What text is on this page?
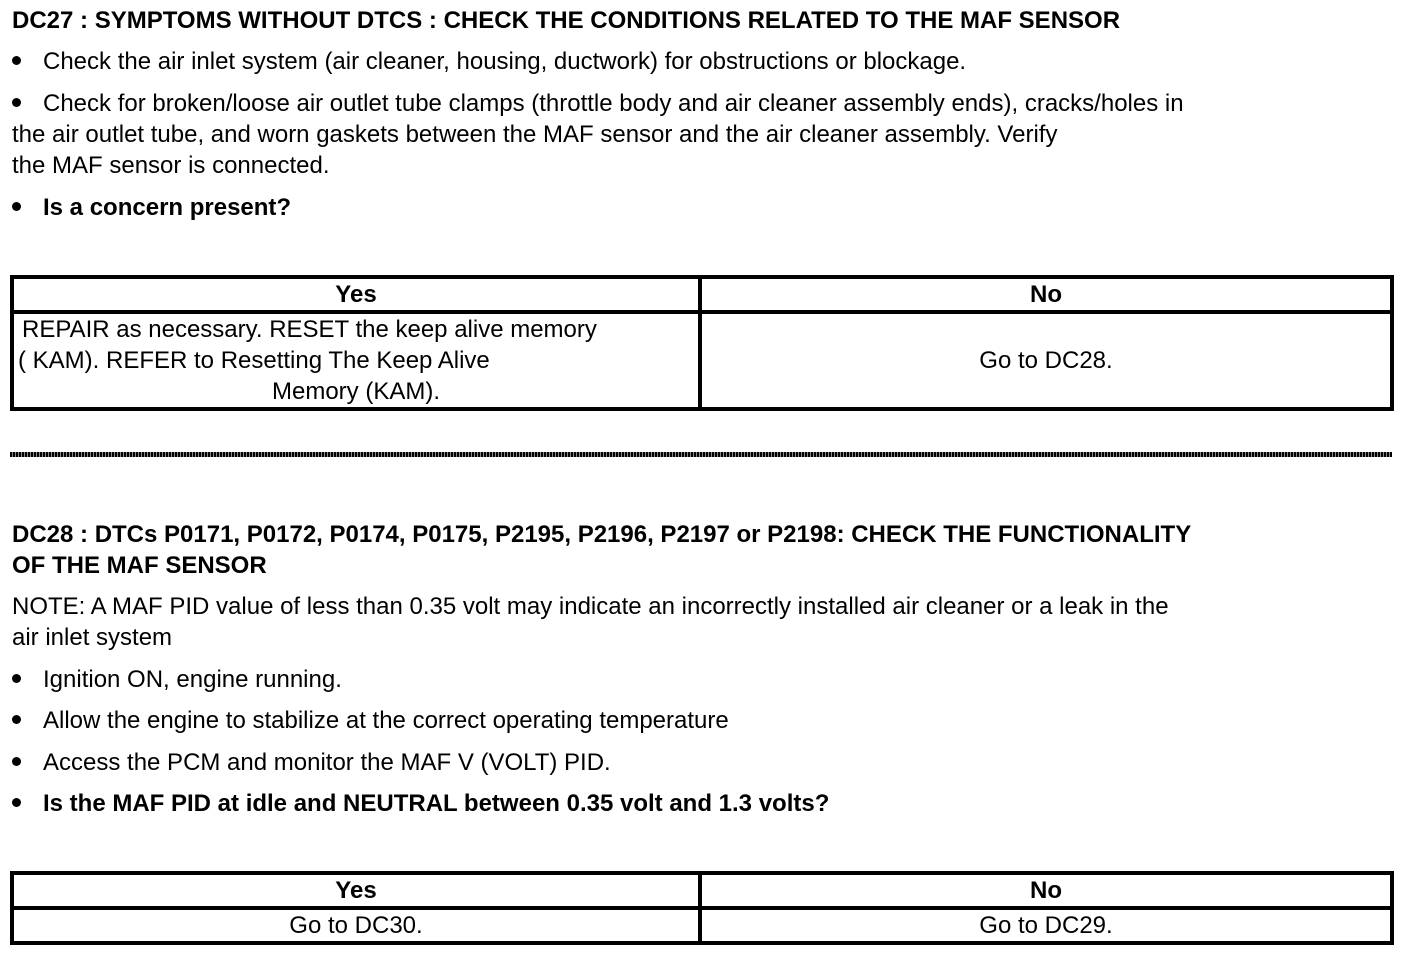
DC27 : SYMPTOMS WITHOUT DTCS : CHECK THE CONDITIONS RELATED TO THE MAF SENSOR
Check the air inlet system (air cleaner, housing, ductwork) for obstructions or blockage.
Check for broken/loose air outlet tube clamps (throttle body and air cleaner assembly ends), cracks/holes in
the air outlet tube, and worn gaskets between the MAF sensor and the air cleaner assembly. Verify
the MAF sensor is connected.
Is a concern present?
Yes	No

REPAIR as necessary. RESET the keep alive memory
( KAM). REFER to Resetting The Keep Alive
Memory (KAM).	Go to DC28.
DC28 : DTCs P0171, P0172, P0174, P0175, P2195, P2196, P2197 or P2198: CHECK THE FUNCTIONALITY
OF THE MAF SENSOR
NOTE: A MAF PID value of less than 0.35 volt may indicate an incorrectly installed air cleaner or a leak in the
air inlet system
Ignition ON, engine running.
Allow the engine to stabilize at the correct operating temperature
Access the PCM and monitor the MAF V (VOLT) PID.
Is the MAF PID at idle and NEUTRAL between 0.35 volt and 1.3 volts?
Yes	No
Go to DC30.	Go to DC29.
